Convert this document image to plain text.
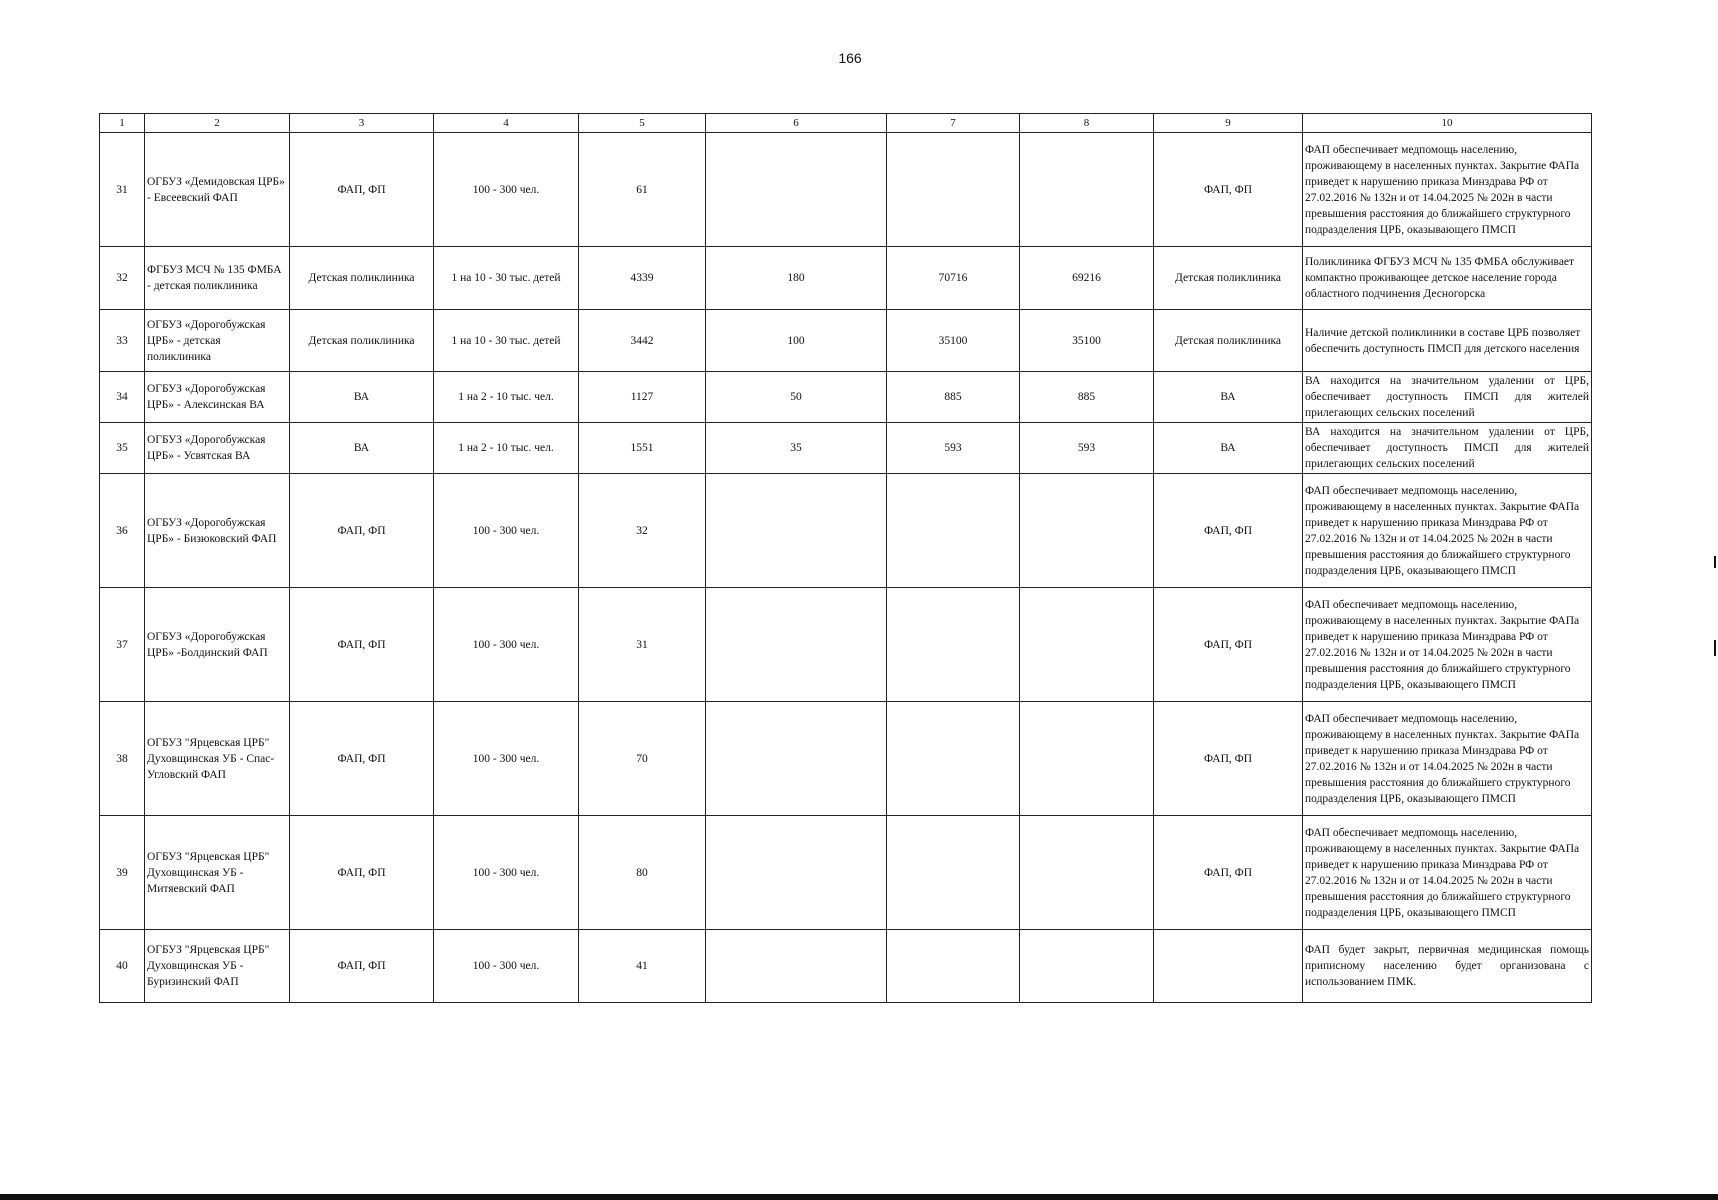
166
1	2	3	4	5	6	7	8	9	10
31	ОГБУЗ «Демидовская ЦРБ» - Евсеевский ФАП	ФАП, ФП	100 - 300 чел.	61				ФАП, ФП	ФАП обеспечивает медпомощь населению, проживающему в населенных пунктах. Закрытие ФАПа приведет к нарушению приказа Минздрава РФ от 27.02.2016 № 132н и от 14.04.2025 № 202н в части превышения расстояния до ближайшего структурного подразделения ЦРБ, оказывающего ПМСП
32	ФГБУЗ МСЧ № 135 ФМБА - детская поликлиника	Детская поликлиника	1 на 10 - 30 тыс. детей	4339	180	70716	69216	Детская поликлиника	Поликлиника ФГБУЗ МСЧ № 135 ФМБА обслуживает компактно проживающее детское население города областного подчинения Десногорска
33	ОГБУЗ «Дорогобужская ЦРБ» - детская поликлиника	Детская поликлиника	1 на 10 - 30 тыс. детей	3442	100	35100	35100	Детская поликлиника	Наличие детской поликлиники в составе ЦРБ позволяет обеспечить доступность ПМСП для детского населения
34	ОГБУЗ «Дорогобужская ЦРБ» - Алексинская ВА	ВА	1 на 2 - 10 тыс. чел.	1127	50	885	885	ВА	ВА находится на значительном удалении от ЦРБ, обеспечивает доступность ПМСП для жителей прилегающих сельских поселений
35	ОГБУЗ «Дорогобужская ЦРБ» - Усвятская ВА	ВА	1 на 2 - 10 тыс. чел.	1551	35	593	593	ВА	ВА находится на значительном удалении от ЦРБ, обеспечивает доступность ПМСП для жителей прилегающих сельских поселений
36	ОГБУЗ «Дорогобужская ЦРБ» - Бизюковский ФАП	ФАП, ФП	100 - 300 чел.	32				ФАП, ФП	ФАП обеспечивает медпомощь населению, проживающему в населенных пунктах. Закрытие ФАПа приведет к нарушению приказа Минздрава РФ от 27.02.2016 № 132н и от 14.04.2025 № 202н в части превышения расстояния до ближайшего структурного подразделения ЦРБ, оказывающего ПМСП
37	ОГБУЗ «Дорогобужская ЦРБ» -Болдинский ФАП	ФАП, ФП	100 - 300 чел.	31				ФАП, ФП	ФАП обеспечивает медпомощь населению, проживающему в населенных пунктах. Закрытие ФАПа приведет к нарушению приказа Минздрава РФ от 27.02.2016 № 132н и от 14.04.2025 № 202н в части превышения расстояния до ближайшего структурного подразделения ЦРБ, оказывающего ПМСП
38	ОГБУЗ "Ярцевская ЦРБ" Духовщинская УБ - Спас-Угловский ФАП	ФАП, ФП	100 - 300 чел.	70				ФАП, ФП	ФАП обеспечивает медпомощь населению, проживающему в населенных пунктах. Закрытие ФАПа приведет к нарушению приказа Минздрава РФ от 27.02.2016 № 132н и от 14.04.2025 № 202н в части превышения расстояния до ближайшего структурного подразделения ЦРБ, оказывающего ПМСП
39	ОГБУЗ "Ярцевская ЦРБ" Духовщинская УБ - Митяевский ФАП	ФАП, ФП	100 - 300 чел.	80				ФАП, ФП	ФАП обеспечивает медпомощь населению, проживающему в населенных пунктах. Закрытие ФАПа приведет к нарушению приказа Минздрава РФ от 27.02.2016 № 132н и от 14.04.2025 № 202н в части превышения расстояния до ближайшего структурного подразделения ЦРБ, оказывающего ПМСП
40	ОГБУЗ "Ярцевская ЦРБ" Духовщинская УБ - Буризинский ФАП	ФАП, ФП	100 - 300 чел.	41					ФАП будет закрыт, первичная медицинская помощь приписному населению будет организована с использованием ПМК.
